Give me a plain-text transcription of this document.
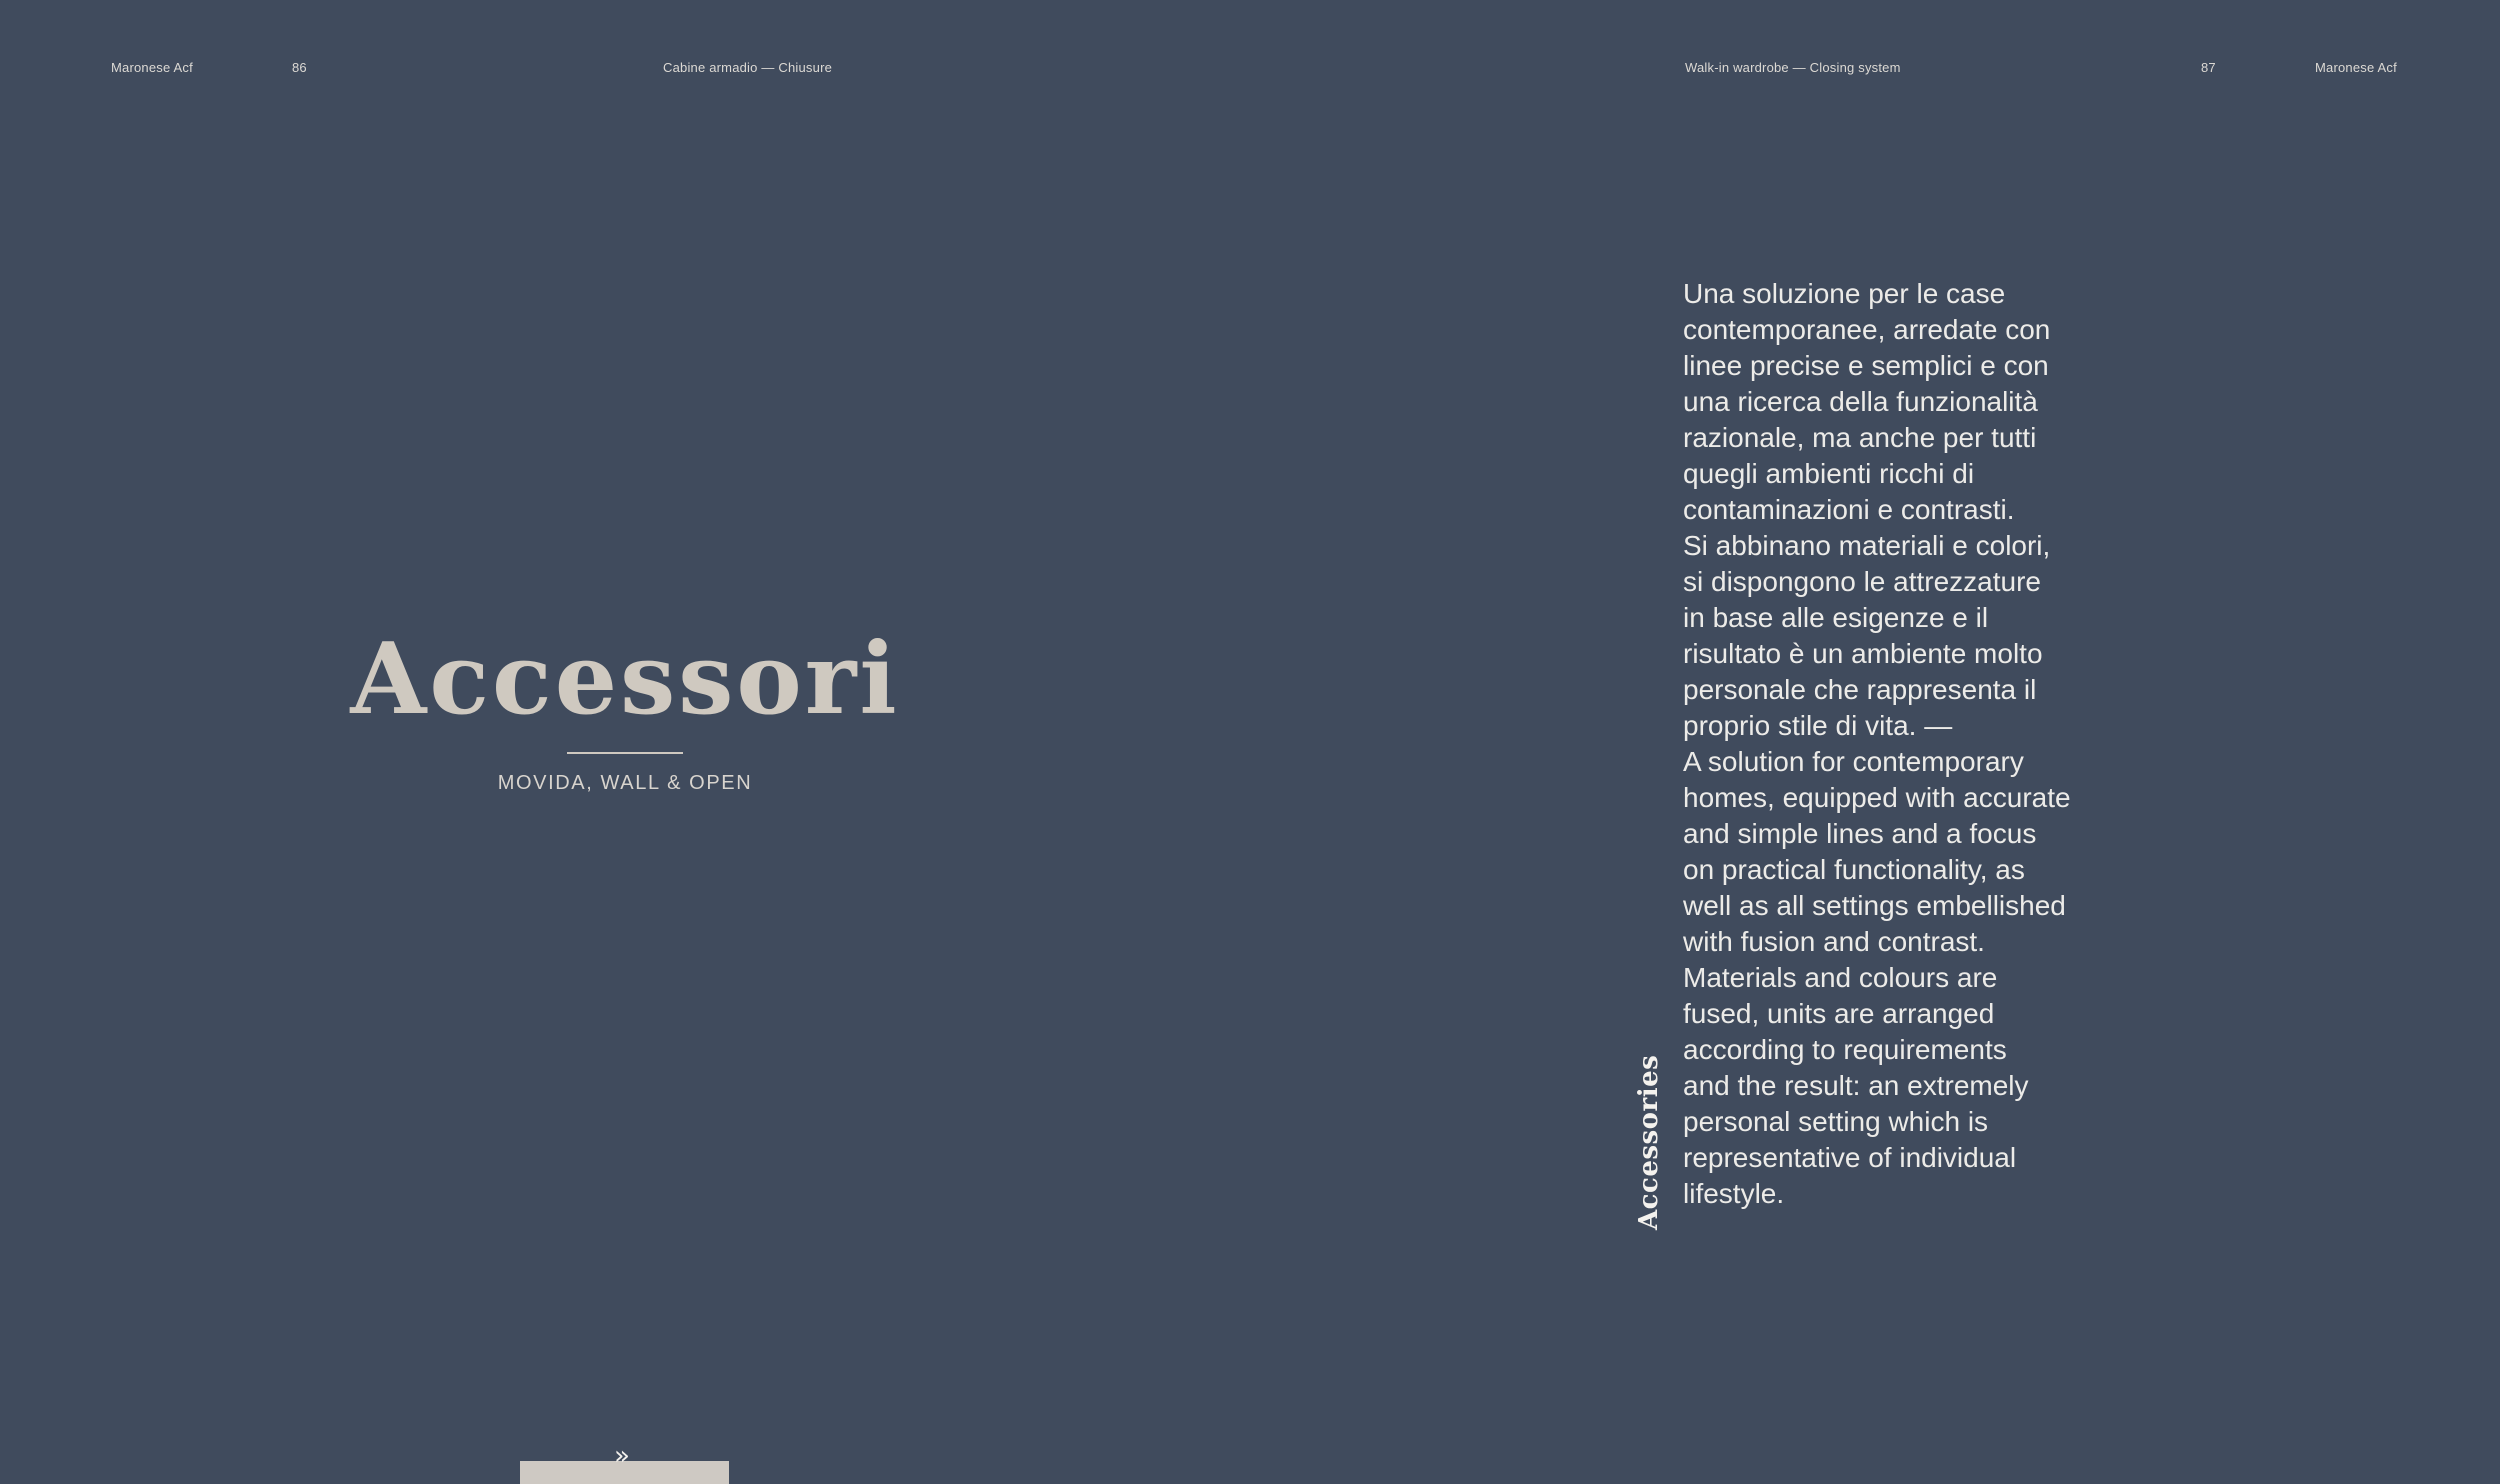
Maronese Acf	86	Cabine armadio — Chiusure	Walk-in wardrobe — Closing system	87	Maronese Acf
Accessori
MOVIDA, WALL & OPEN
»
Accessories
Una soluzione per le case
contemporanee, arredate con
linee precise e semplici e con
una ricerca della funzionalità
razionale, ma anche per tutti
quegli ambienti ricchi di
contaminazioni e contrasti.
Si abbinano materiali e colori,
si dispongono le attrezzature
in base alle esigenze e il
risultato è un ambiente molto
personale che rappresenta il
proprio stile di vita. —
A solution for contemporary
homes, equipped with accurate
and simple lines and a focus
on practical functionality, as
well as all settings embellished
with fusion and contrast.
Materials and colours are
fused, units are arranged
according to requirements
and the result: an extremely
personal setting which is
representative of individual
lifestyle.
